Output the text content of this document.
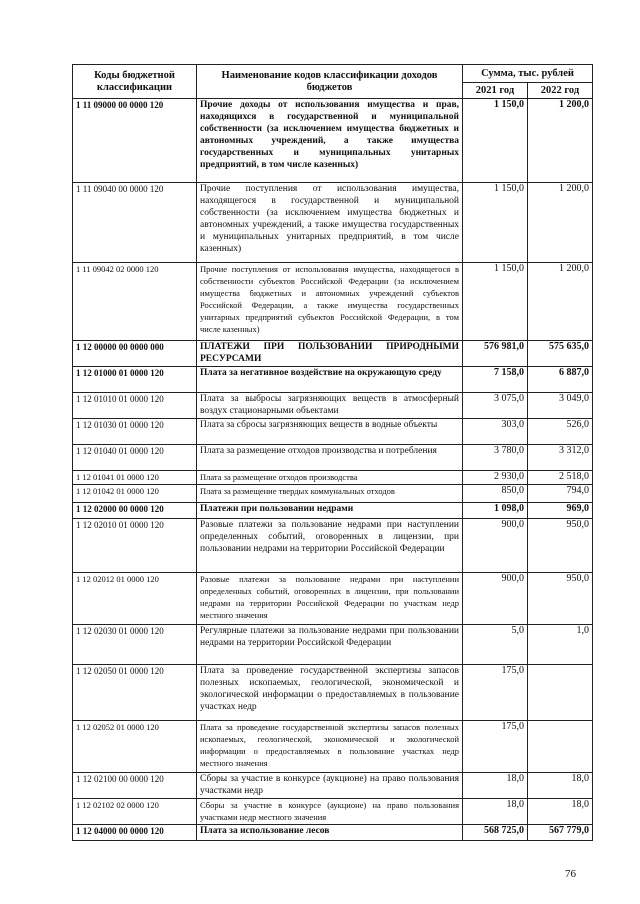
Коды бюджетной классификации	Наименование кодов классификации доходов бюджетов	Сумма, тыс. рублей	
		2021 год	2022 год
1 11 09000 00 0000 120	Прочие доходы от использования имущества и прав, находящихся в государственной и муниципальной собственности (за исключением имущества бюджетных и автономных учреждений, а также имущества государственных и муниципальных унитарных предприятий, в том числе казенных)	1 150,0	1 200,0
1 11 09040 00 0000 120	Прочие поступления от использования имущества, находящегося в государственной и муниципальной собственности (за исключением имущества бюджетных и автономных учреждений, а также имущества государственных и муниципальных унитарных предприятий, в том числе казенных)	1 150,0	1 200,0
1 11 09042 02 0000 120	Прочие поступления от использования имущества, находящегося в собственности субъектов Российской Федерации (за исключением имущества бюджетных и автономных учреждений субъектов Российской Федерации, а также имущества государственных унитарных предприятий субъектов Российской Федерации, в том числе казенных)	1 150,0	1 200,0
1 12 00000 00 0000 000	ПЛАТЕЖИ ПРИ ПОЛЬЗОВАНИИ ПРИРОДНЫМИ РЕСУРСАМИ	576 981,0	575 635,0
1 12 01000 01 0000 120	Плата за негативное воздействие на окружающую среду	7 158,0	6 887,0
1 12 01010 01 0000 120	Плата за выбросы загрязняющих веществ в атмосферный воздух стационарными объектами	3 075,0	3 049,0
1 12 01030 01 0000 120	Плата за сбросы загрязняющих веществ в водные объекты	303,0	526,0
1 12 01040 01 0000 120	Плата за размещение отходов производства и потребления	3 780,0	3 312,0
1 12 01041 01 0000 120	Плата за размещение отходов производства	2 930,0	2 518,0
1 12 01042 01 0000 120	Плата за размещение твердых коммунальных отходов	850,0	794,0
1 12 02000 00 0000 120	Платежи при пользовании недрами	1 098,0	969,0
1 12 02010 01 0000 120	Разовые платежи за пользование недрами при наступлении определенных событий, оговоренных в лицензии, при пользовании недрами на территории Российской Федерации	900,0	950,0
1 12 02012 01 0000 120	Разовые платежи за пользование недрами при наступлении определенных событий, оговоренных в лицензии, при пользовании недрами на территории Российской Федерации по участкам недр местного значения	900,0	950,0
1 12 02030 01 0000 120	Регулярные платежи за пользование недрами при пользовании недрами на территории Российской Федерации	5,0	1,0
1 12 02050 01 0000 120	Плата за проведение государственной экспертизы запасов полезных ископаемых, геологической, экономической и экологической информации о предоставляемых в пользование участках недр	175,0	
1 12 02052 01 0000 120	Плата за проведение государственной экспертизы запасов полезных ископаемых, геологической, экономической и экологической информации о предоставляемых в пользование участках недр местного значения	175,0	
1 12 02100 00 0000 120	Сборы за участие в конкурсе (аукционе) на право пользования участками недр	18,0	18,0
1 12 02102 02 0000 120	Сборы за участие в конкурсе (аукционе) на право пользования участками недр местного значения	18,0	18,0
1 12 04000 00 0000 120	Плата за использование лесов	568 725,0	567 779,0
76
